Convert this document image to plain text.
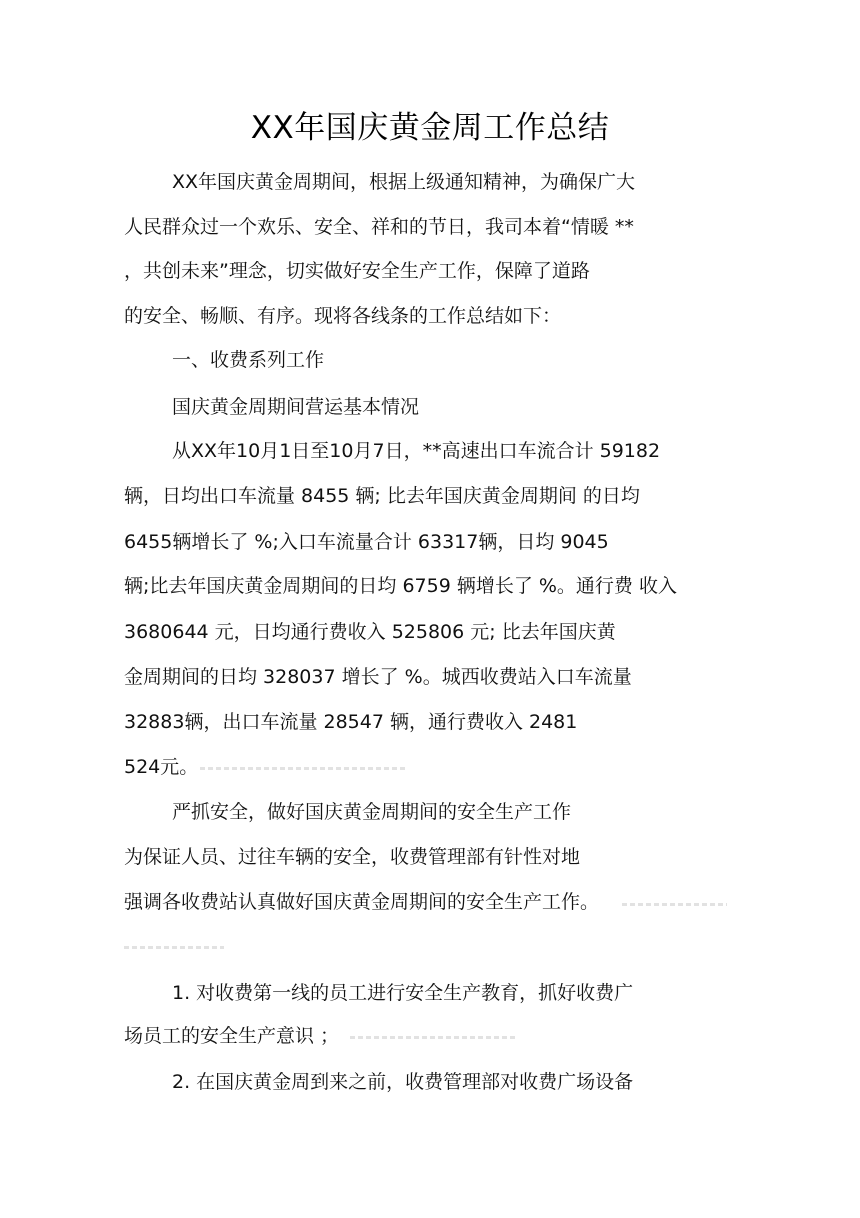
XX年国庆黄金周工作总结
XX年国庆黄金周期间，根据上级通知精神，为确保广大
人民群众过一个欢乐、安全、祥和的节日，我司本着“情暖 **
，共创未来”理念，切实做好安全生产工作，保障了道路
的安全、畅顺、有序。现将各线条的工作总结如下：
一、收费系列工作
国庆黄金周期间营运基本情况
从XX年10月1日至10月7日，**高速出口车流合计 59182
辆，日均出口车流量 8455 辆; 比去年国庆黄金周期间 的日均
6455辆增长了 %;入口车流量合计 63317辆，日均 9045
辆;比去年国庆黄金周期间的日均 6759 辆增长了 %。通行费 收入
3680644 元，日均通行费收入 525806 元; 比去年国庆黄
金周期间的日均 328037 增长了 %。城西收费站入口车流量
32883辆，出口车流量 28547 辆，通行费收入 2481
524元。
严抓安全，做好国庆黄金周期间的安全生产工作
为保证人员、过往车辆的安全，收费管理部有针性对地
强调各收费站认真做好国庆黄金周期间的安全生产工作。
1. 对收费第一线的员工进行安全生产教育，抓好收费广
场员工的安全生产意识 ；
2. 在国庆黄金周到来之前，收费管理部对收费广场设备
